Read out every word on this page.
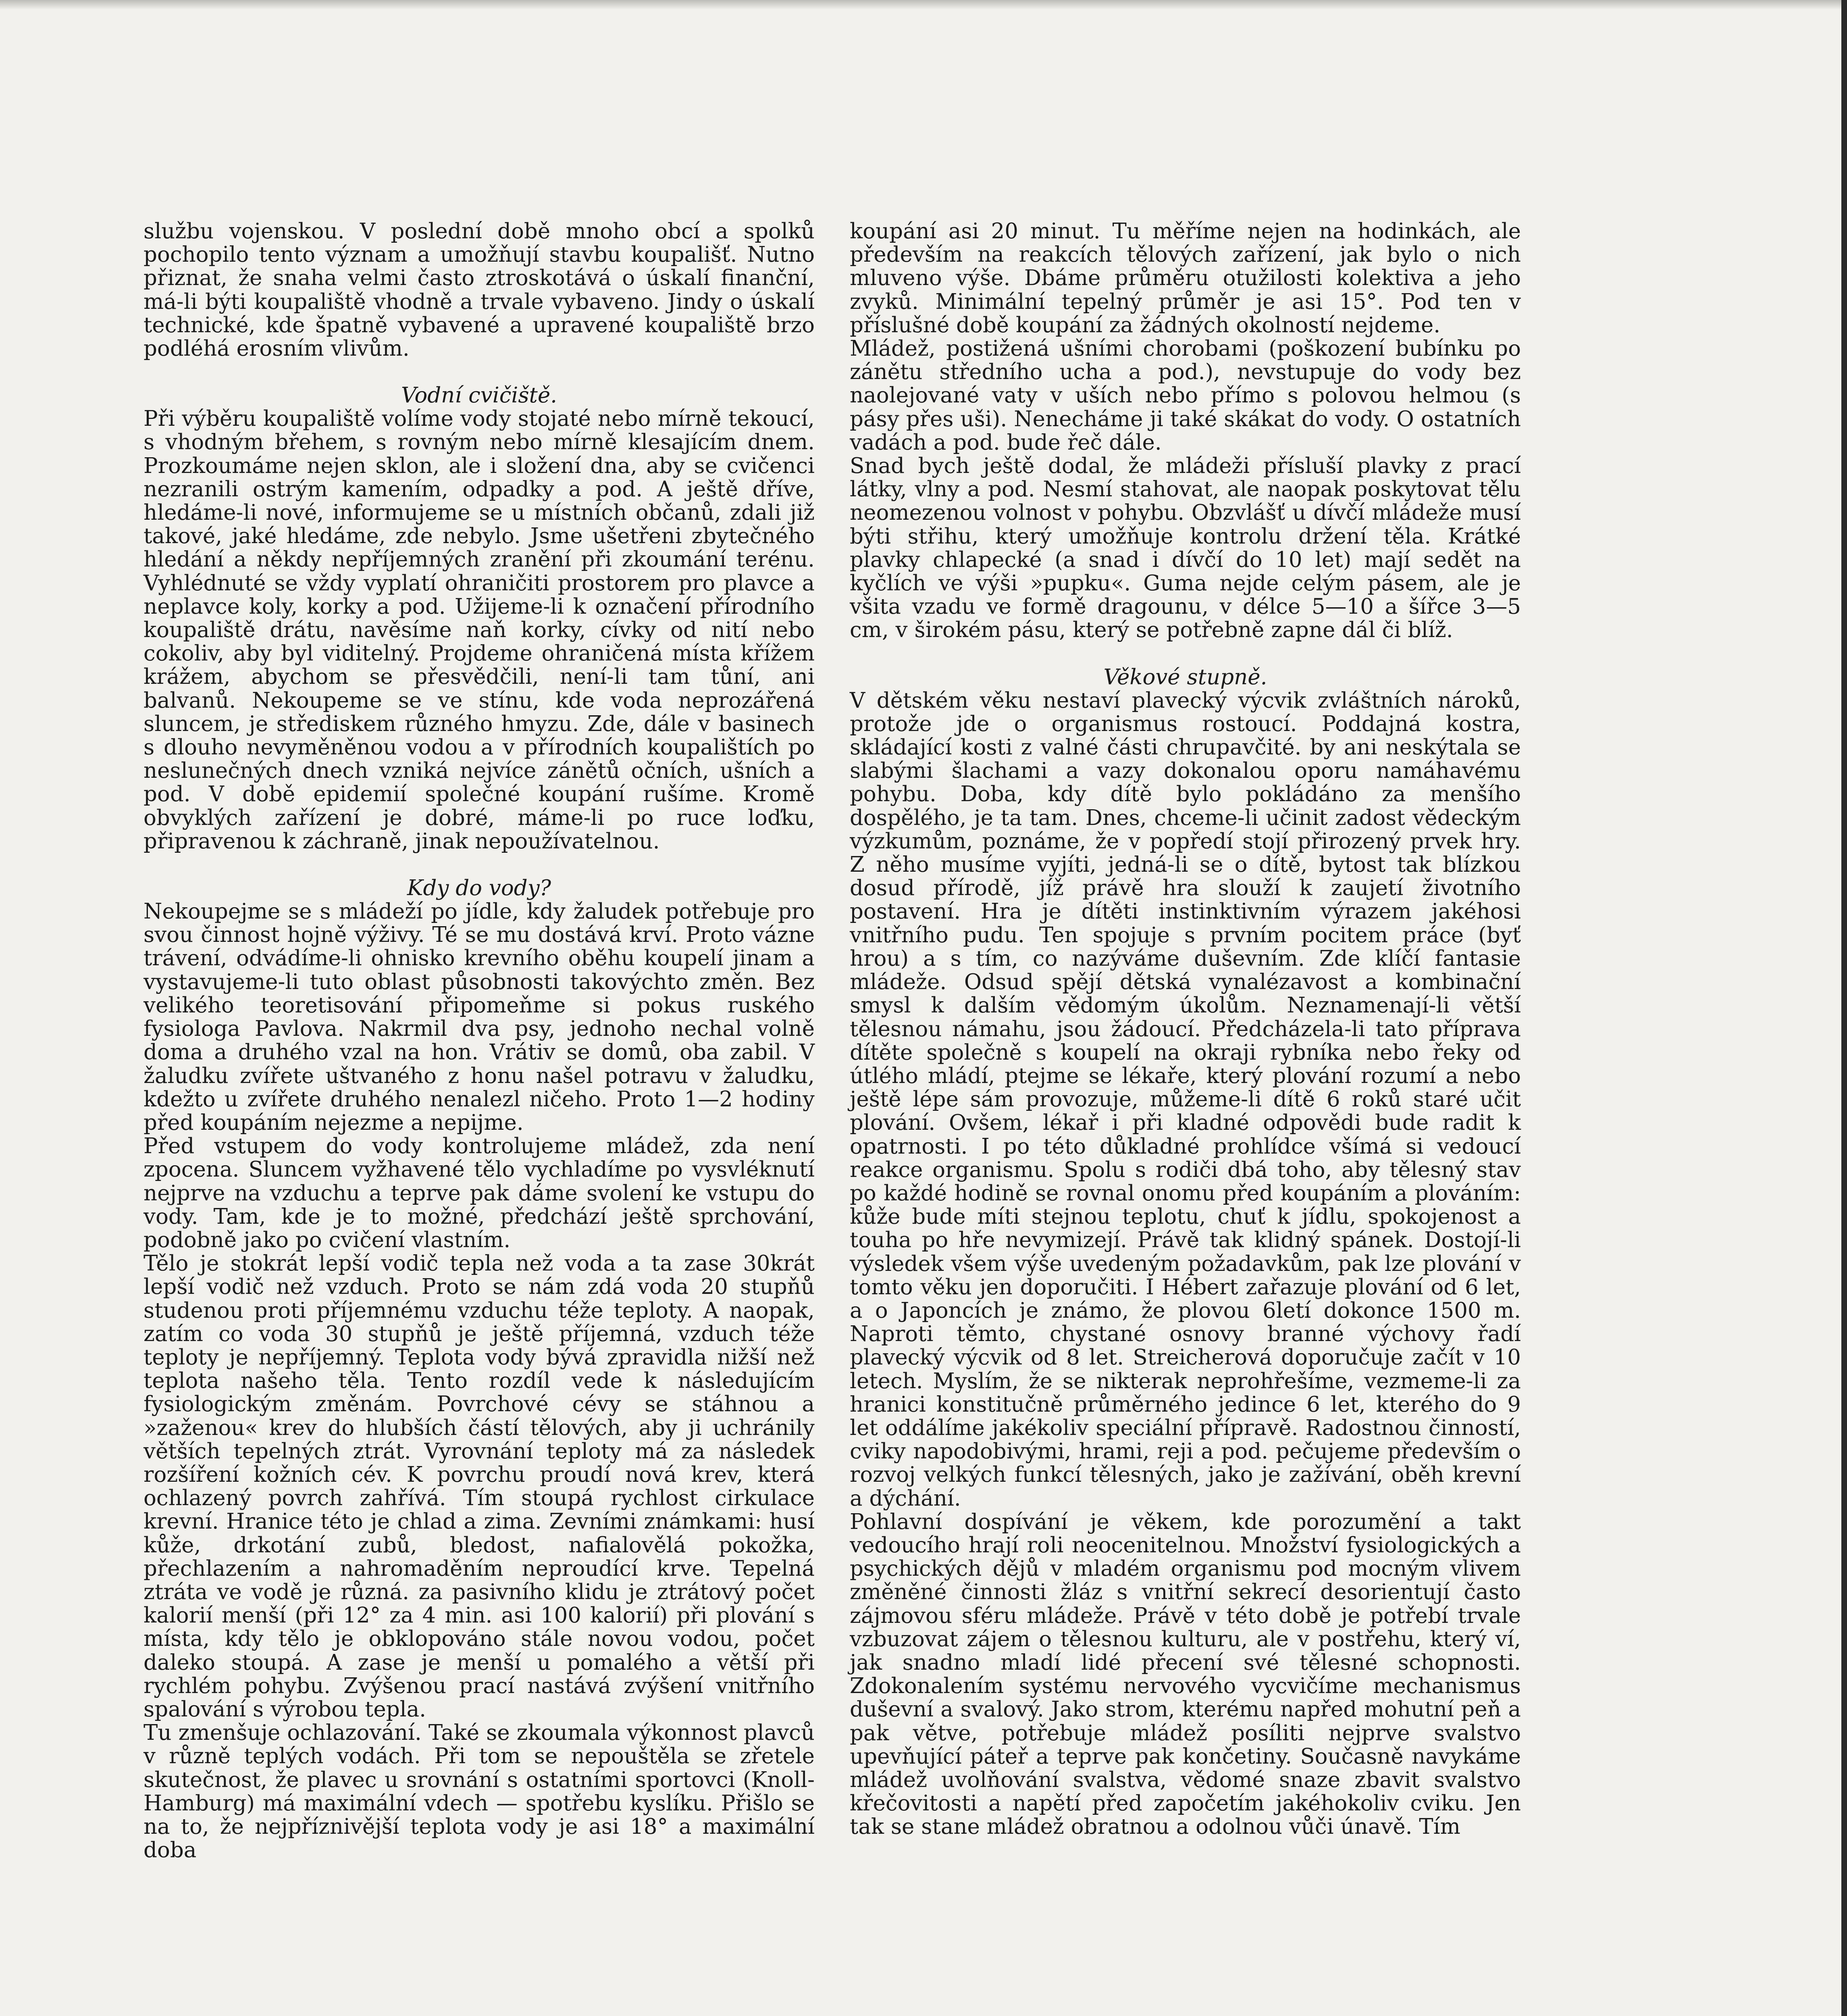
službu vojenskou. V poslední době mnoho obcí a spolků pochopilo tento význam a umožňují stavbu koupališť. Nutno přiznat, že snaha velmi často ztroskotává o úskalí finanční, má-li býti koupaliště vhodně a trvale vybaveno. Jindy o úskalí technické, kde špatně vybavené a upravené koupaliště brzo podléhá erosním vlivům.

Vodní cvičiště.

Při výběru koupaliště volíme vody stojaté nebo mírně tekoucí, s vhodným břehem, s rovným nebo mírně klesajícím dnem. Prozkoumáme nejen sklon, ale i složení dna, aby se cvičenci nezranili ostrým kamením, odpadky a pod. A ještě dříve, hledáme-li nové, informujeme se u místních občanů, zdali již takové, jaké hledáme, zde nebylo. Jsme ušetřeni zbytečného hledání a někdy nepříjemných zranění při zkoumání terénu. Vyhlédnuté se vždy vyplatí ohraničiti prostorem pro plavce a neplavce koly, korky a pod. Užijeme-li k označení přírodního koupaliště drátu, navěsíme naň korky, cívky od nití nebo cokoliv, aby byl viditelný. Projdeme ohraničená místa křížem krážem, abychom se přesvědčili, není-li tam tůní, ani balvanů. Nekoupeme se ve stínu, kde voda neprozářená sluncem, je střediskem různého hmyzu. Zde, dále v basinech s dlouho nevyměněnou vodou a v přírodních koupalištích po neslunečných dnech vzniká nejvíce zánětů očních, ušních a pod. V době epidemií společné koupání rušíme. Kromě obvyklých zařízení je dobré, máme-li po ruce loďku, připravenou k záchraně, jinak nepoužívatelnou.

Kdy do vody?

Nekoupejme se s mládeží po jídle, kdy žaludek potřebuje pro svou činnost hojně výživy. Té se mu dostává krví. Proto vázne trávení, odvádíme-li ohnisko krevního oběhu koupelí jinam a vystavujeme-li tuto oblast působnosti takovýchto změn. Bez velikého teoretisování připomeňme si pokus ruského fysiologa Pavlova. Nakrmil dva psy, jednoho nechal volně doma a druhého vzal na hon. Vrátiv se domů, oba zabil. V žaludku zvířete uštvaného z honu našel potravu v žaludku, kdežto u zvířete druhého nenalezl ničeho. Proto 1—2 hodiny před koupáním nejezme a nepijme.

Před vstupem do vody kontrolujeme mládež, zda není zpocena. Sluncem vyžhavené tělo vychladíme po vysvléknutí nejprve na vzduchu a teprve pak dáme svolení ke vstupu do vody. Tam, kde je to možné, předchází ještě sprchování, podobně jako po cvičení vlastním.

Tělo je stokrát lepší vodič tepla než voda a ta zase 30krát lepší vodič než vzduch. Proto se nám zdá voda 20 stupňů studenou proti příjemnému vzduchu téže teploty. A naopak, zatím co voda 30 stupňů je ještě příjemná, vzduch téže teploty je nepříjemný. Teplota vody bývá zpravidla nižší než teplota našeho těla. Tento rozdíl vede k následujícím fysiologickým změnám. Povrchové cévy se stáhnou a »zaženou« krev do hlubších částí tělových, aby ji uchránily větších tepelných ztrát. Vyrovnání teploty má za následek rozšíření kožních cév. K povrchu proudí nová krev, která ochlazený povrch zahřívá. Tím stoupá rychlost cirkulace krevní. Hranice této je chlad a zima. Zevními známkami: husí kůže, drkotání zubů, bledost, nafialovělá pokožka, přechlazením a nahromaděním neproudící krve. Tepelná ztráta ve vodě je různá. za pasivního klidu je ztrátový počet kalorií menší (při 12° za 4 min. asi 100 kalorií) při plování s místa, kdy tělo je obklopováno stále novou vodou, počet daleko stoupá. A zase je menší u pomalého a větší při rychlém pohybu. Zvýšenou prací nastává zvýšení vnitřního spalování s výrobou tepla.

Tu zmenšuje ochlazování. Také se zkoumala výkonnost plavců v různě teplých vodách. Při tom se nepouštěla se zřetele skutečnost, že plavec u srovnání s ostatními sportovci (Knoll-Hamburg) má maximální vdech — spotřebu kyslíku. Přišlo se na to, že nejpříznivější teplota vody je asi 18° a maximální doba

koupání asi 20 minut. Tu měříme nejen na hodinkách, ale především na reakcích tělových zařízení, jak bylo o nich mluveno výše. Dbáme průměru otužilosti kolektiva a jeho zvyků. Minimální tepelný průměr je asi 15°. Pod ten v příslušné době koupání za žádných okolností nejdeme.

Mládež, postižená ušními chorobami (poškození bubínku po zánětu středního ucha a pod.), nevstupuje do vody bez naolejované vaty v uších nebo přímo s polovou helmou (s pásy přes uši). Nenecháme ji také skákat do vody. O ostatních vadách a pod. bude řeč dále.

Snad bych ještě dodal, že mládeži přísluší plavky z prací látky, vlny a pod. Nesmí stahovat, ale naopak poskytovat tělu neomezenou volnost v pohybu. Obzvlášť u dívčí mládeže musí býti střihu, který umožňuje kontrolu držení těla. Krátké plavky chlapecké (a snad i dívčí do 10 let) mají sedět na kyčlích ve výši »pupku«. Guma nejde celým pásem, ale je všita vzadu ve formě dragounu, v délce 5—10 a šířce 3—5 cm, v širokém pásu, který se potřebně zapne dál či blíž.

Věkové stupně.

V dětském věku nestaví plavecký výcvik zvláštních nároků, protože jde o organismus rostoucí. Poddajná kostra, skládající kosti z valné části chrupavčité. by ani neskýtala se slabými šlachami a vazy dokonalou oporu namáhavému pohybu. Doba, kdy dítě bylo pokládáno za menšího dospělého, je ta tam. Dnes, chceme-li učinit zadost vědeckým výzkumům, poznáme, že v popředí stojí přirozený prvek hry. Z něho musíme vyjíti, jedná-li se o dítě, bytost tak blízkou dosud přírodě, jíž právě hra slouží k zaujetí životního postavení. Hra je dítěti instinktivním výrazem jakéhosi vnitřního pudu. Ten spojuje s prvním pocitem práce (byť hrou) a s tím, co nazýváme duševním. Zde klíčí fantasie mládeže. Odsud spějí dětská vynalézavost a kombinační smysl k dalším vědomým úkolům. Neznamenají-li větší tělesnou námahu, jsou žádoucí. Předcházela-li tato příprava dítěte společně s koupelí na okraji rybníka nebo řeky od útlého mládí, ptejme se lékaře, který plování rozumí a nebo ještě lépe sám provozuje, můžeme-li dítě 6 roků staré učit plování. Ovšem, lékař i při kladné odpovědi bude radit k opatrnosti. I po této důkladné prohlídce všímá si vedoucí reakce organismu. Spolu s rodiči dbá toho, aby tělesný stav po každé hodině se rovnal onomu před koupáním a plováním: kůže bude míti stejnou teplotu, chuť k jídlu, spokojenost a touha po hře nevymizejí. Právě tak klidný spánek. Dostojí-li výsledek všem výše uvedeným požadavkům, pak lze plování v tomto věku jen doporučiti. I Hébert zařazuje plování od 6 let, a o Japoncích je známo, že plovou 6letí dokonce 1500 m. Naproti těmto, chystané osnovy branné výchovy řadí plavecký výcvik od 8 let. Streicherová doporučuje začít v 10 letech. Myslím, že se nikterak neprohřešíme, vezmeme-li za hranici konstitučně průměrného jedince 6 let, kterého do 9 let oddálíme jakékoliv speciální přípravě. Radostnou činností, cviky napodobivými, hrami, reji a pod. pečujeme především o rozvoj velkých funkcí tělesných, jako je zažívání, oběh krevní a dýchání.

Pohlavní dospívání je věkem, kde porozumění a takt vedoucího hrají roli neocenitelnou. Množství fysiologických a psychických dějů v mladém organismu pod mocným vlivem změněné činnosti žláz s vnitřní sekrecí desorientují často zájmovou sféru mládeže. Právě v této době je potřebí trvale vzbuzovat zájem o tělesnou kulturu, ale v postřehu, který ví, jak snadno mladí lidé přecení své tělesné schopnosti. Zdokonalením systému nervového vycvičíme mechanismus duševní a svalový. Jako strom, kterému napřed mohutní peň a pak větve, potřebuje mládež posíliti nejprve svalstvo upevňující páteř a teprve pak končetiny. Současně navykáme mládež uvolňování svalstva, vědomé snaze zbavit svalstvo křečovitosti a napětí před započetím jakéhokoliv cviku. Jen tak se stane mládež obratnou a odolnou vůči únavě. Tím
